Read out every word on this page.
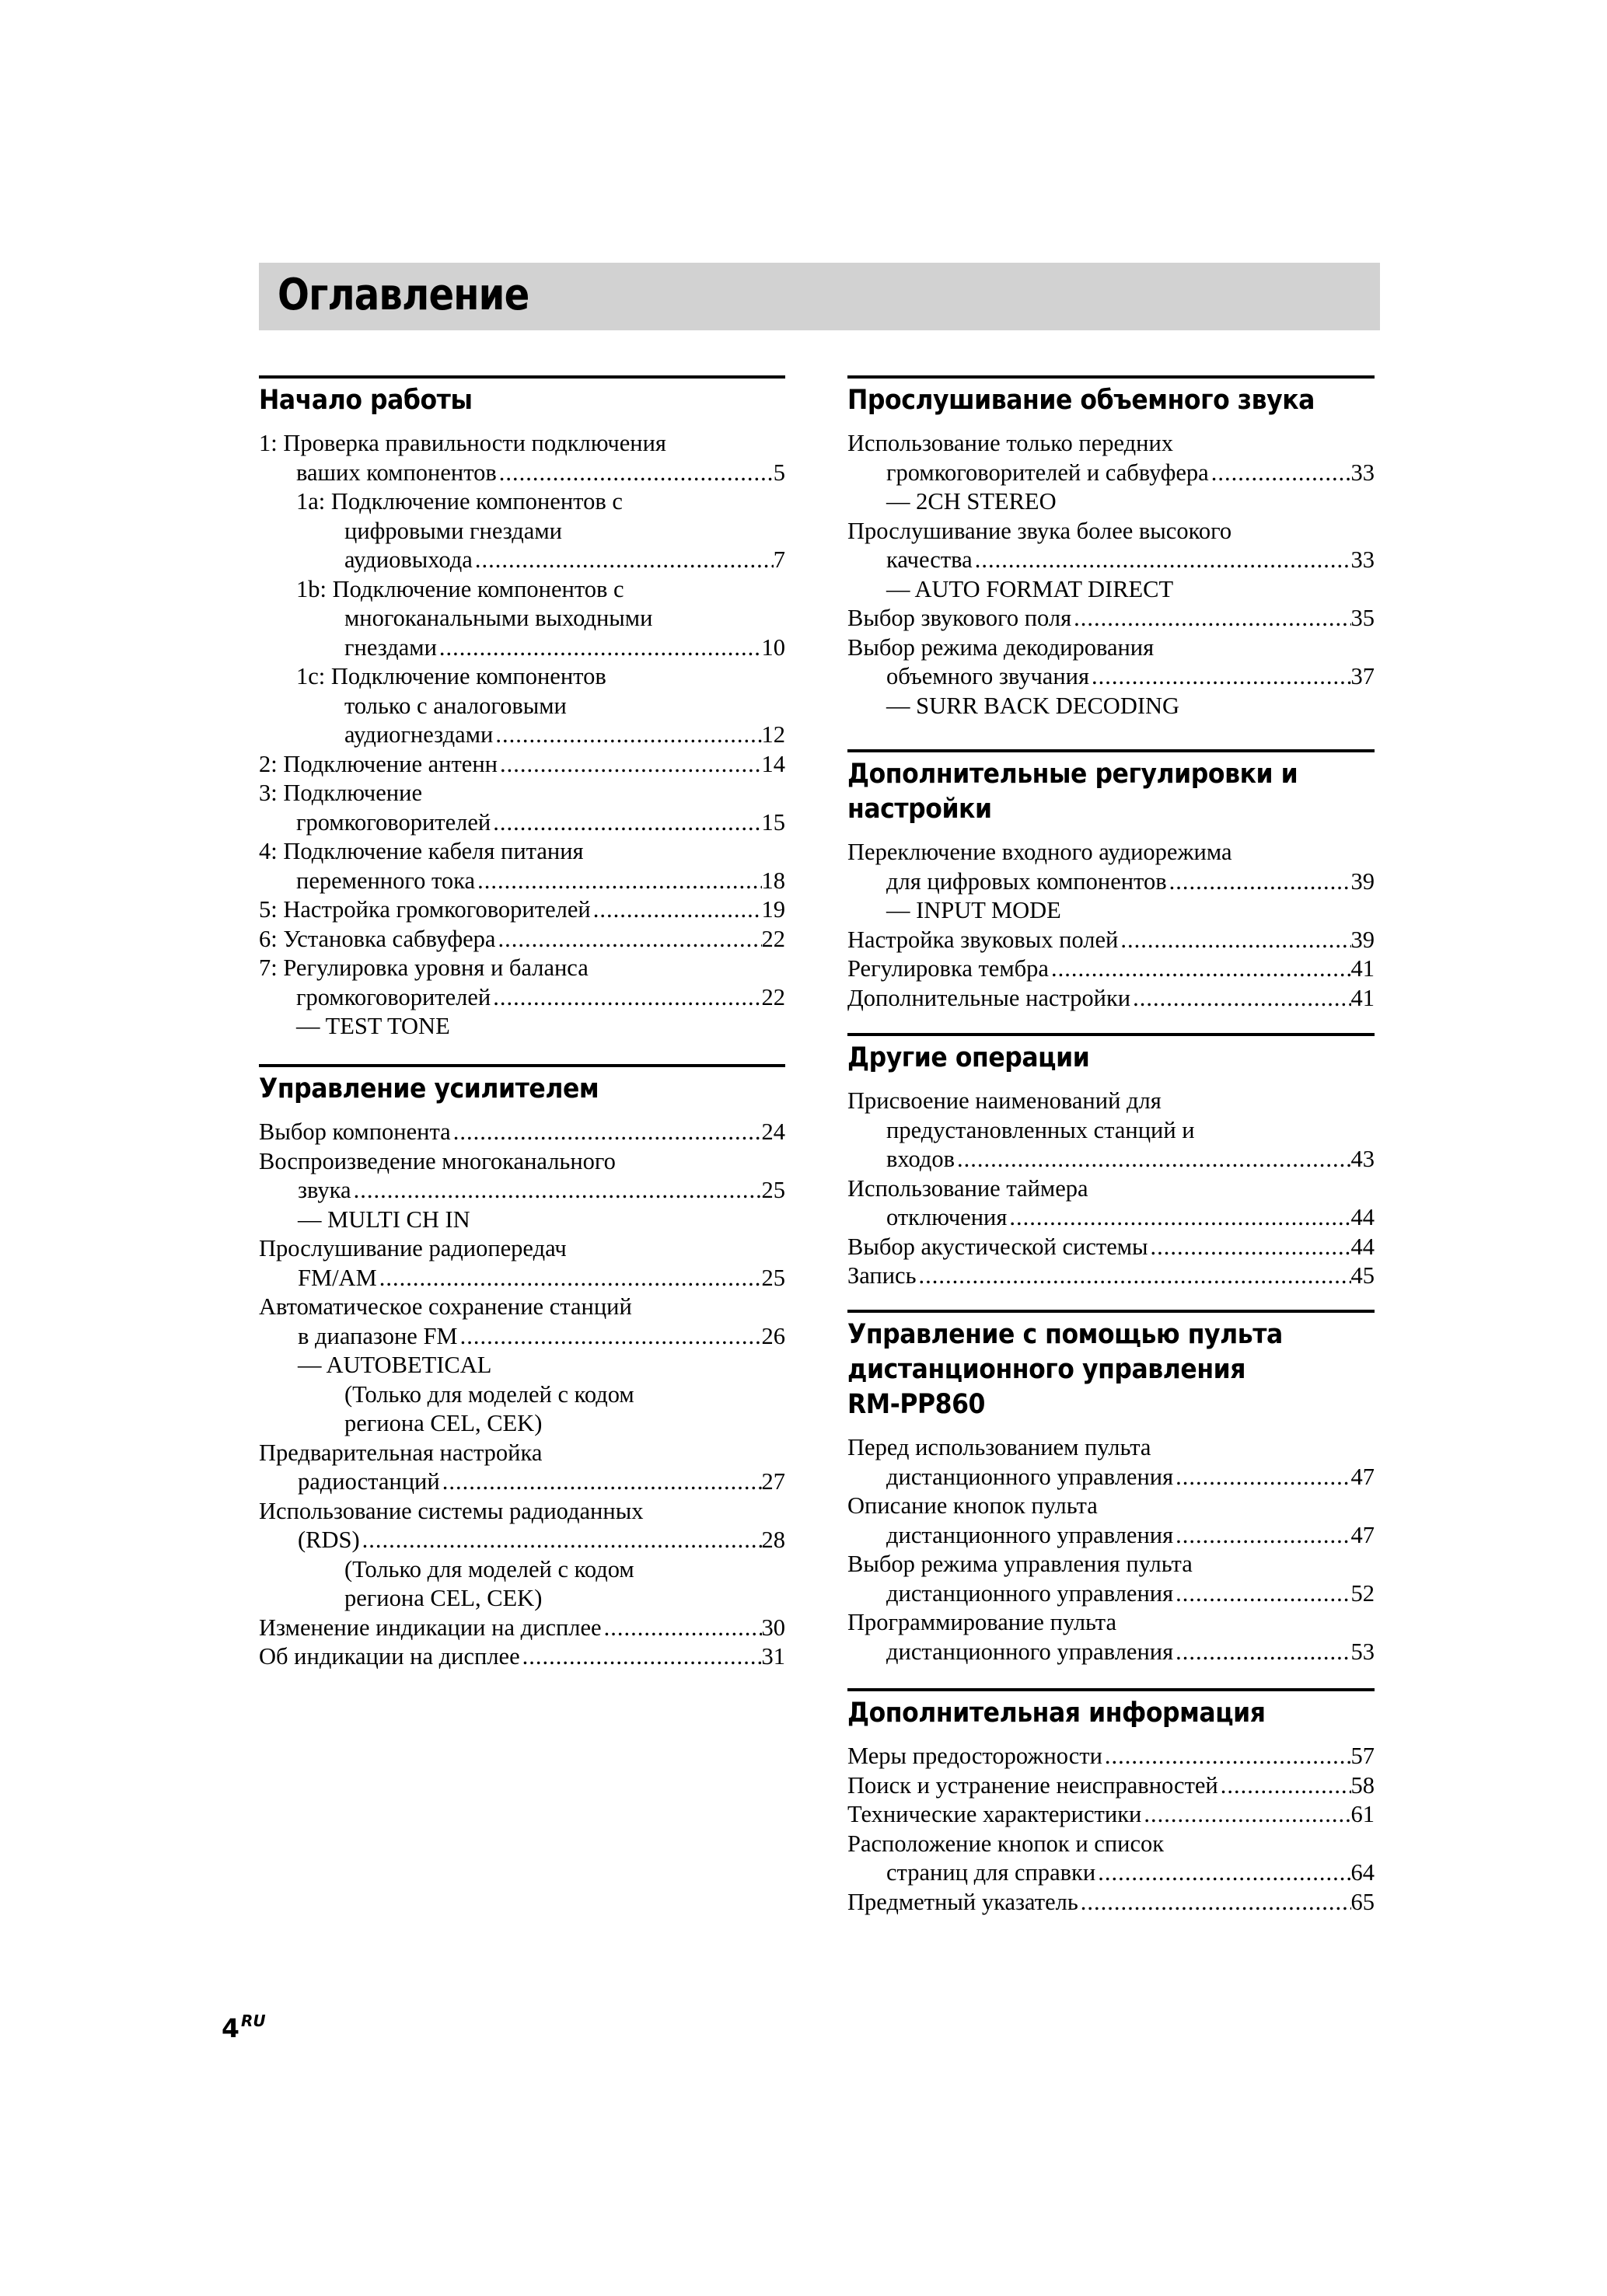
Оглавление
Начало работы
1: Проверка правильности подключения
ваших компонентов .....	5
1a: Подключение компонентов с
цифровыми гнездами
аудиовыхода .....	7
1b: Подключение компонентов с
многоканальными выходными
гнездами .....	10
1c: Подключение компонентов
только с аналоговыми
аудиогнездами .....	12
2: Подключение антенн .....	14
3: Подключение
громкоговорителей .....	15
4: Подключение кабеля питания
переменного тока .....	18
5: Настройка громкоговорителей .....	19
6: Установка сабвуфера .....	22
7: Регулировка уровня и баланса
громкоговорителей .....	22
— TEST TONE
Управление усилителем
Выбор компонента .....	24
Воспроизведение многоканального
звука .....	25
— MULTI CH IN
Прослушивание радиопередач
FM/AM .....	25
Автоматическое сохранение станций
в диапазоне FM .....	26
— AUTOBETICAL
(Только для моделей с кодом
региона CEL, CEK)
Предварительная настройка
радиостанций .....	27
Использование системы радиоданных
(RDS) .....	28
(Только для моделей с кодом
региона CEL, CEK)
Изменение индикации на дисплее .....	30
Об индикации на дисплее .....	31
Прослушивание объемного звука
Использование только передних
громкоговорителей и сабвуфера .....	33
— 2CH STEREO
Прослушивание звука более высокого
качества .....	33
— AUTO FORMAT DIRECT
Выбор звукового поля .....	35
Выбор режима декодирования
объемного звучания .....	37
— SURR BACK DECODING
Дополнительные регулировки и
настройки
Переключение входного аудиорежима
для цифровых компонентов .....	39
— INPUT MODE
Настройка звуковых полей .....	39
Регулировка тембра .....	41
Дополнительные настройки .....	41
Другие операции
Присвоение наименований для
предустановленных станций и
входов .....	43
Использование таймера
отключения .....	44
Выбор акустической системы .....	44
Запись .....	45
Управление с помощью пульта
дистанционного управления
RM-PP860
Перед использованием пульта
дистанционного управления .....	47
Описание кнопок пульта
дистанционного управления .....	47
Выбор режима управления пульта
дистанционного управления .....	52
Программирование пульта
дистанционного управления .....	53
Дополнительная информация
Меры предосторожности .....	57
Поиск и устранение неисправностей .....	58
Технические характеристики .....	61
Расположение кнопок и список
страниц для справки .....	64
Предметный указатель .....	65
4 RU
